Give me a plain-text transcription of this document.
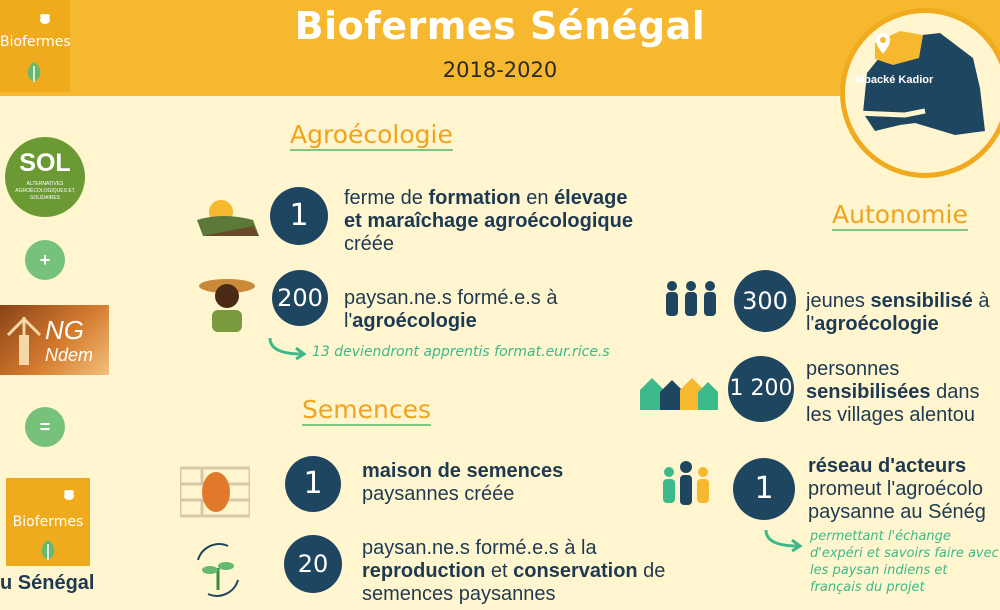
Biofermes	Biofermes Sénégal
2018-2020	Mbacké Kadior
SOL
ALTERNATIVES AGROÉCOLOGIQUES ET SOLIDAIRES
+
NG
Ndem
=
Biofermes
u Sénégal
Agroécologie
Semences
Autonomie
1	ferme de formation en élevage et maraîchage agroécologique créée
200 paysan.ne.s formé.e.s à l'agroécologie
13 deviendront apprentis format.eur.rice.s
1	maison de semences paysannes créée
20
paysan.ne.s formé.e.s à la reproduction et conservation de semences paysannes
300 jeunes sensibilisé à l'agroécologie
1 200
personnes sensibilisées dans les villages alentou
1
réseau d'acteurs promeut l'agroécolo paysanne au Sénég
permettant l'échange d'expéri et savoirs faire avec les paysan indiens et français du projet
